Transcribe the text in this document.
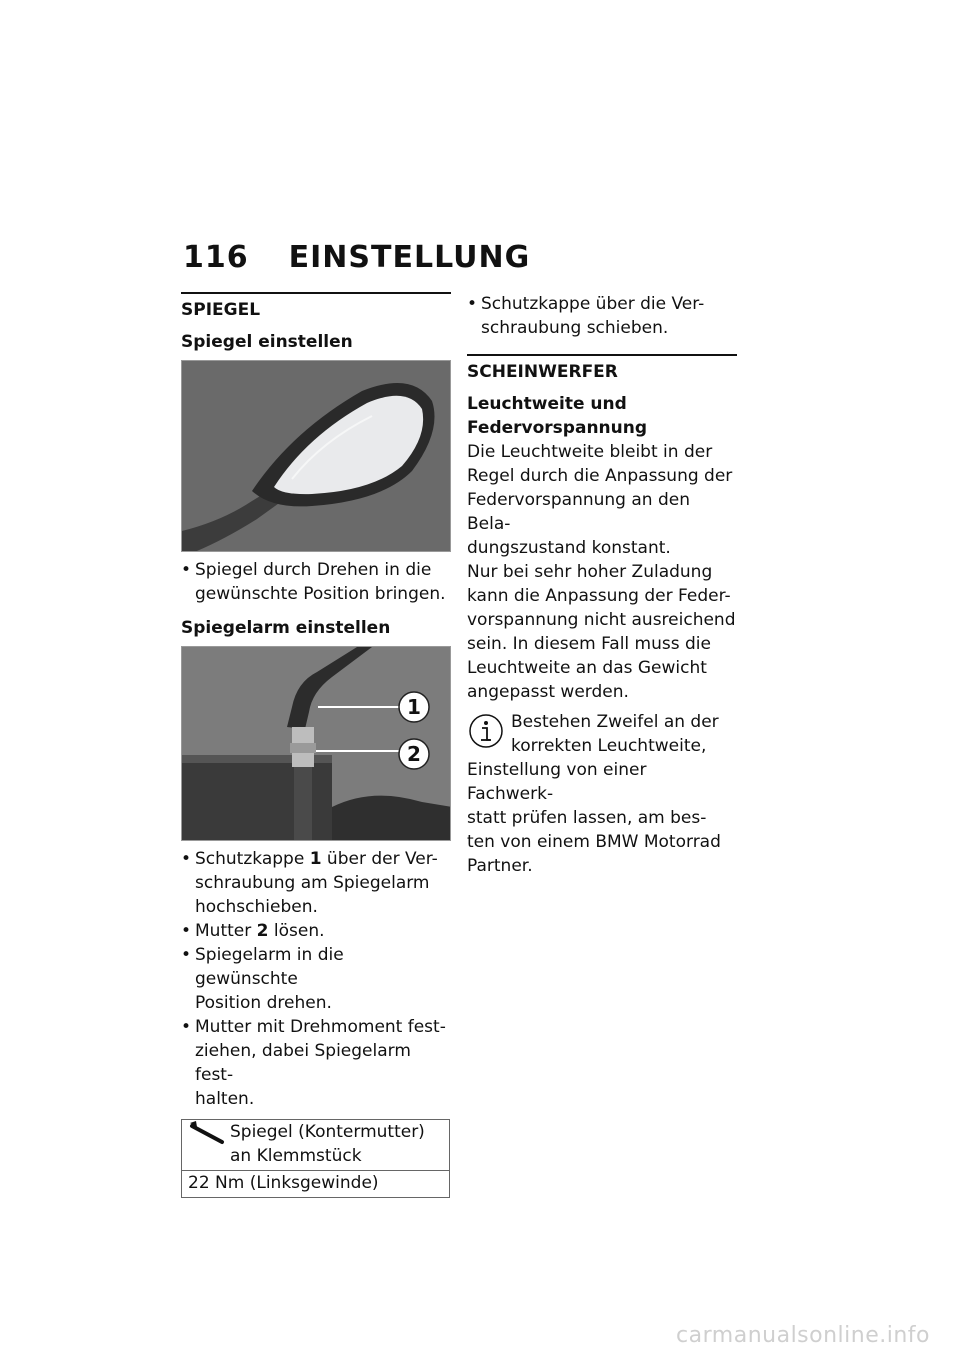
116 EINSTELLUNG
SPIEGEL
Spiegel einstellen
• Spiegel durch Drehen in die
gewünschte Position bringen.
Spiegelarm einstellen
1
2
• Schutzkappe 1 über der Ver-
schraubung am Spiegelarm
hochschieben.
• Mutter 2 lösen.
• Spiegelarm in die gewünschte
Position drehen.
• Mutter mit Drehmoment fest-
ziehen, dabei Spiegelarm fest-
halten.
Spiegel (Kontermutter)
an Klemmstück
22 Nm (Linksgewinde)
• Schutzkappe über die Ver-
schraubung schieben.
SCHEINWERFER
Leuchtweite und
Federvorspannung
Die Leuchtweite bleibt in der
Regel durch die Anpassung der
Federvorspannung an den Bela-
dungszustand konstant.
Nur bei sehr hoher Zuladung
kann die Anpassung der Feder-
vorspannung nicht ausreichend
sein. In diesem Fall muss die
Leuchtweite an das Gewicht
angepasst werden.
Bestehen Zweifel an der
korrekten Leuchtweite,
Einstellung von einer Fachwerk-
statt prüfen lassen, am bes-
ten von einem BMW Motorrad
Partner.
carmanualsonline.info
